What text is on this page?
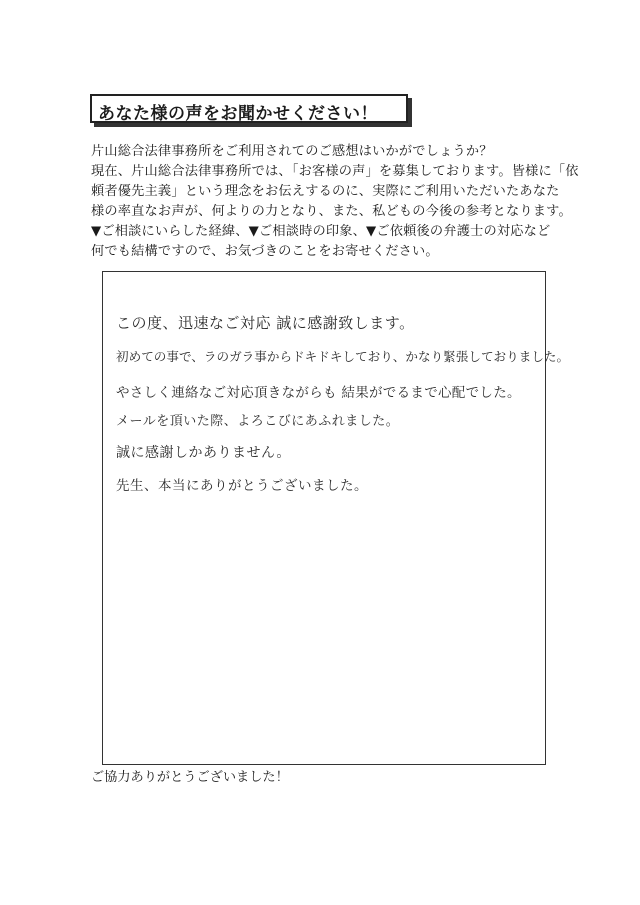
あなた様の声をお聞かせください！
片山総合法律事務所をご利用されてのご感想はいかがでしょうか？
現在、片山総合法律事務所では、「お客様の声」を募集しております。皆様に「依
頼者優先主義」という理念をお伝えするのに、実際にご利用いただいたあなた
様の率直なお声が、何よりの力となり、また、私どもの今後の参考となります。
▼ご相談にいらした経緯、▼ご相談時の印象、▼ご依頼後の弁護士の対応など
何でも結構ですので、お気づきのことをお寄せください。
この度、迅速なご対応 誠に感謝致します。
初めての事で、ラのガラ事からドキドキしており、かなり緊張しておりました。
やさしく連絡なご対応頂きながらも 結果がでるまで心配でした。
メールを頂いた際、よろこびにあふれました。
誠に感謝しかありません。
先生、本当にありがとうございました。
ご協力ありがとうございました！
